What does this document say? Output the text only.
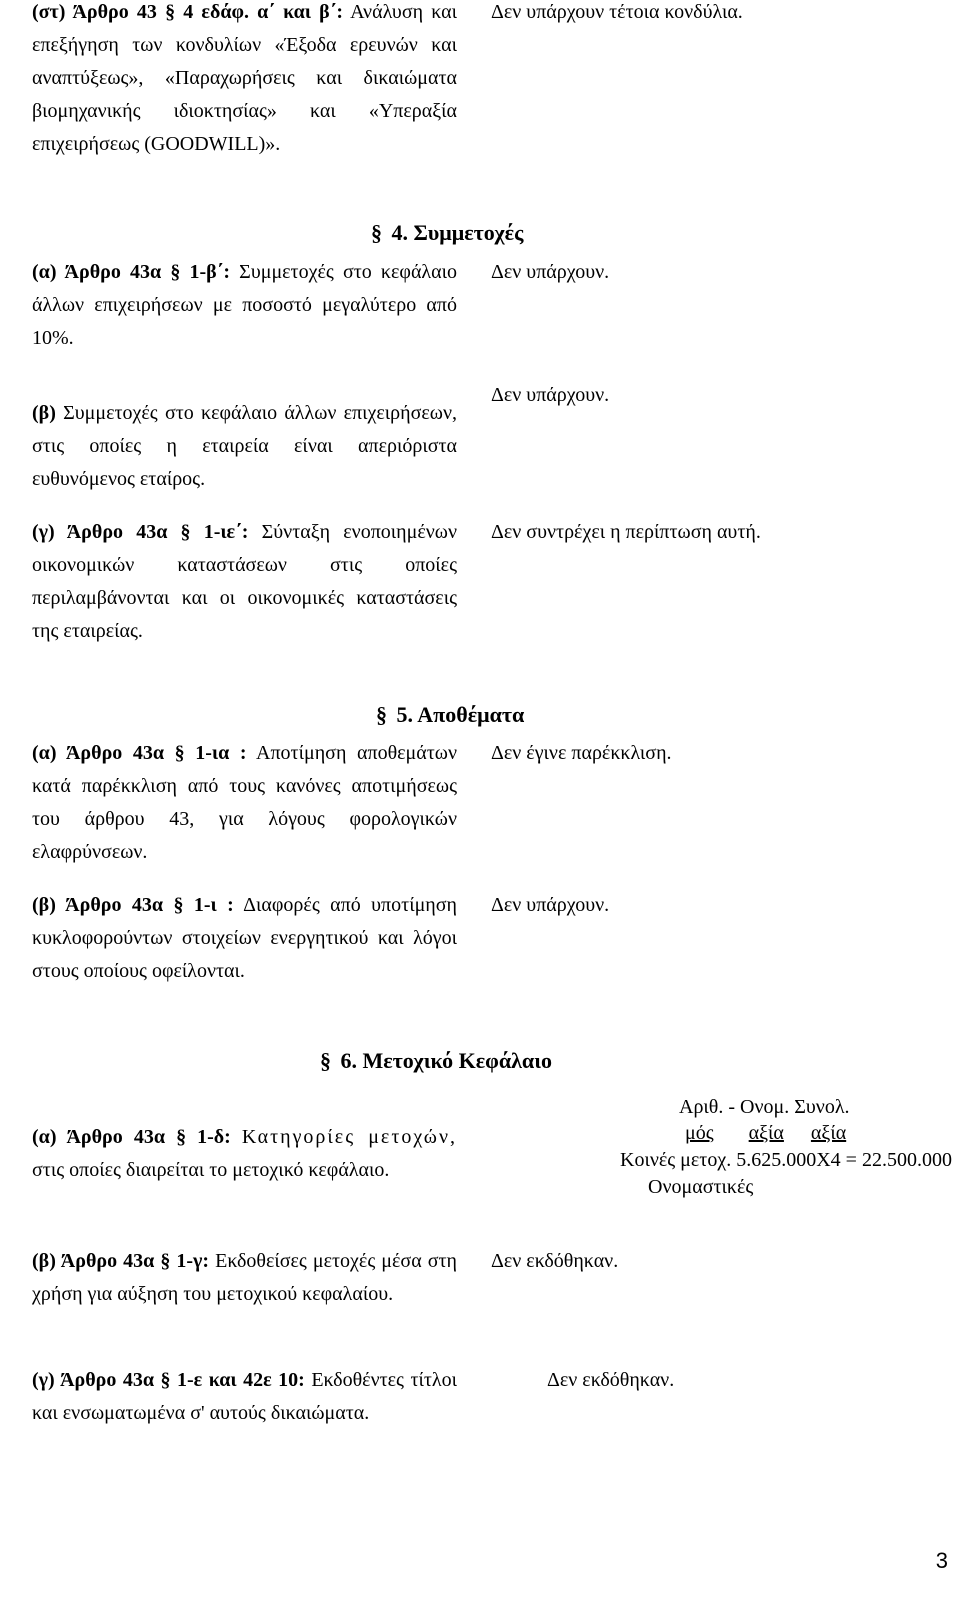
(στ) Άρθρο 43 § 4 εδάφ. α΄ και β΄: Ανάλυση και επεξήγηση των κονδυλίων «Έξοδα ερευνών και αναπτύξεως», «Παραχωρήσεις και δικαιώματα βιομηχανικής ιδιοκτησίας» και «Υπεραξία επιχειρήσεως (GOODWILL)».
Δεν υπάρχουν τέτοια κονδύλια.
§ 4. Συμμετοχές
(α) Άρθρο 43α § 1-β΄: Συμμετοχές στο κεφάλαιο άλλων επιχειρήσεων με ποσοστό μεγαλύτερο από 10%.
Δεν υπάρχουν.
(β) Συμμετοχές στο κεφάλαιο άλλων επιχειρήσεων, στις οποίες η εταιρεία είναι απεριόριστα ευθυνόμενος εταίρος.
Δεν υπάρχουν.
(γ) Άρθρο 43α § 1-ιε΄: Σύνταξη ενοποιημένων οικονομικών καταστάσεων στις οποίες περιλαμβάνονται και οι οικονομικές καταστάσεις της εταιρείας.
Δεν συντρέχει η περίπτωση αυτή.
§ 5. Αποθέματα
(α) Άρθρο 43α § 1-ια : Αποτίμηση αποθεμάτων κατά παρέκκλιση από τους κανόνες αποτιμήσεως του άρθρου 43, για λόγους φορολογικών ελαφρύνσεων.
Δεν έγινε παρέκκλιση.
(β) Άρθρο 43α § 1-ι : Διαφορές από υποτίμηση κυκλοφορούντων στοιχείων ενεργητικού και λόγοι στους οποίους οφείλονται.
Δεν υπάρχουν.
§ 6. Μετοχικό Κεφάλαιο
(α) Άρθρο 43α § 1-δ: Κατηγορίες μετοχών, στις οποίες διαιρείται το μετοχικό κεφάλαιο.
Αριθ. - Ονομ. Συνολ.
μός αξία αξία
Κοινές μετοχ. 5.625.000Χ4 = 22.500.000
Ονομαστικές
(β) Άρθρο 43α § 1-γ: Εκδοθείσες μετοχές μέσα στη χρήση για αύξηση του μετοχικού κεφαλαίου.
Δεν εκδόθηκαν.
(γ) Άρθρο 43α § 1-ε και 42ε 10: Εκδοθέντες τίτλοι και ενσωματωμένα σ' αυτούς δικαιώματα.
Δεν εκδόθηκαν.
3
